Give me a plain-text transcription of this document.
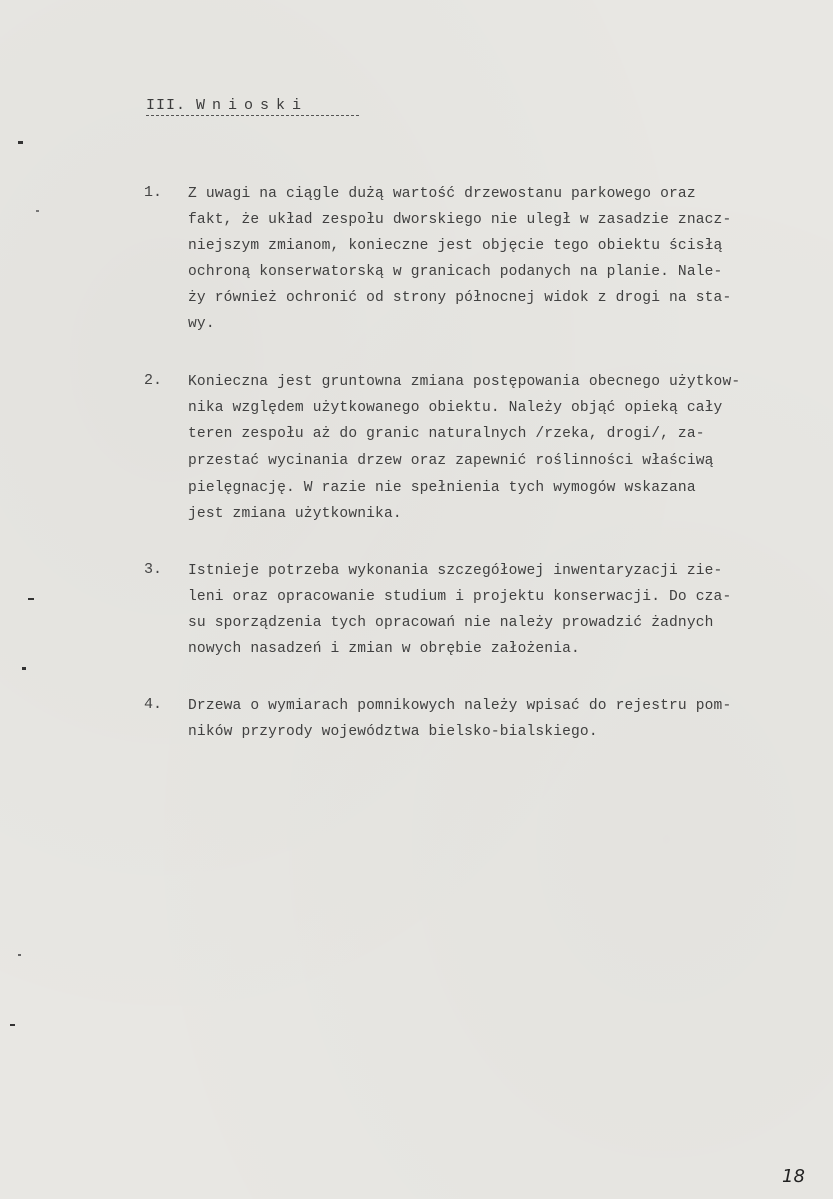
III. Wnioski
1. Z uwagi na ciągle dużą wartość drzewostanu parkowego oraz
fakt, że układ zespołu dworskiego nie uległ w zasadzie znacz-
niejszym zmianom, konieczne jest objęcie tego obiektu ścisłą
ochroną konserwatorską w granicach podanych na planie. Nale-
ży również ochronić od strony północnej widok z drogi na sta-
wy.
2. Konieczna jest gruntowna zmiana postępowania obecnego użytkow-
nika względem użytkowanego obiektu. Należy objąć opieką cały
teren zespołu aż do granic naturalnych /rzeka, drogi/, za-
przestać wycinania drzew oraz zapewnić roślinności właściwą
pielęgnację. W razie nie spełnienia tych wymogów wskazana
jest zmiana użytkownika.
3. Istnieje potrzeba wykonania szczegółowej inwentaryzacji zie-
leni oraz opracowanie studium i projektu konserwacji. Do cza-
su sporządzenia tych opracowań nie należy prowadzić żadnych
nowych nasadzeń i zmian w obrębie założenia.
4. Drzewa o wymiarach pomnikowych należy wpisać do rejestru pom-
ników przyrody województwa bielsko-bialskiego.
18
